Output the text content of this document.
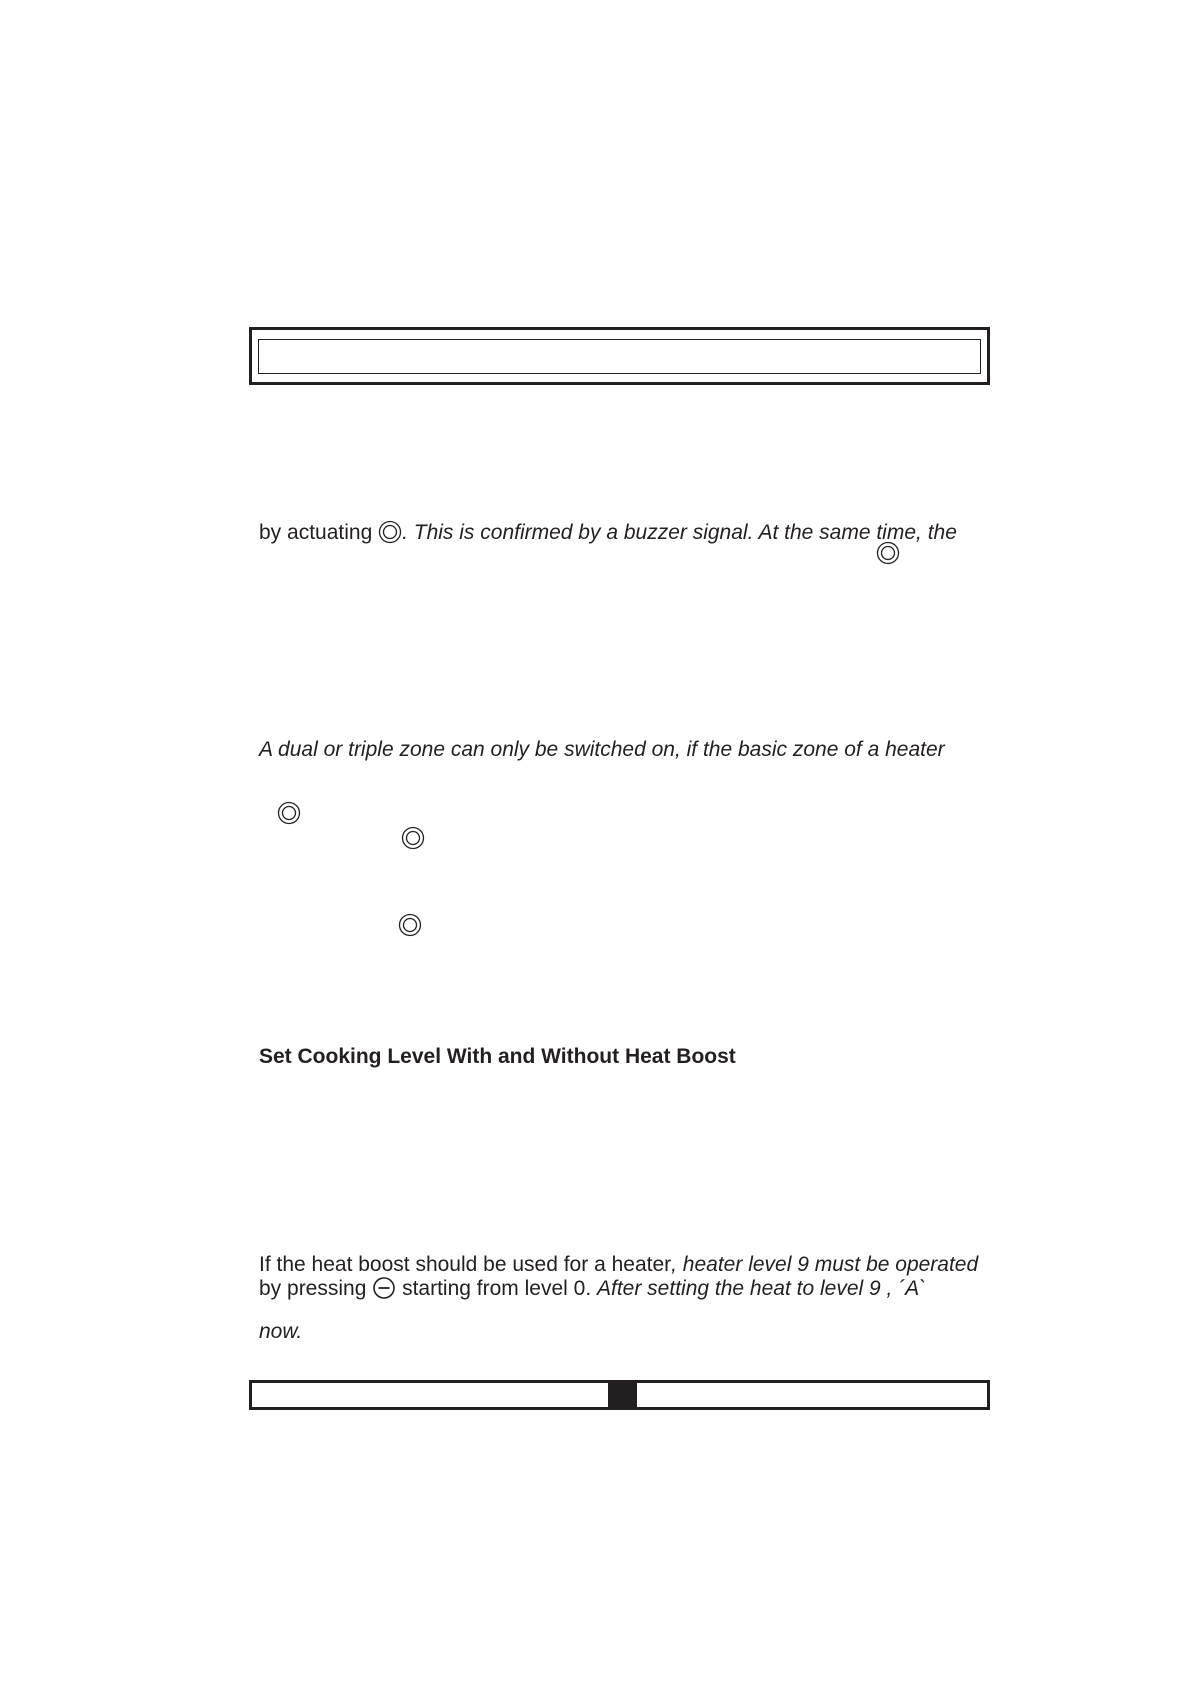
by actuating . This is confirmed by a buzzer signal. At the same time, the
A dual or triple zone can only be switched on, if the basic zone of a heater
Set Cooking Level With and Without Heat Boost
If the heat boost should be used for a heater, heater level 9 must be operated
by pressing starting from level 0. After setting the heat to level 9 , ´A`
now.
